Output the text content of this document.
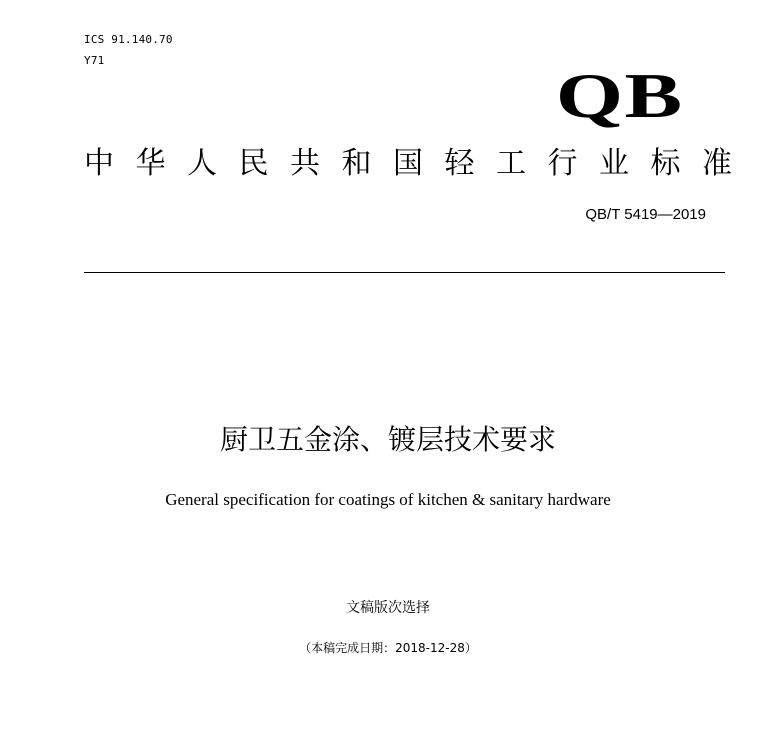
ICS 91.140.70
Y71	QB
中 华 人 民 共 和 国 轻 工 行 业 标 准
QB/T 5419—2019
厨卫五金涂、镀层技术要求
General specification for coatings of kitchen & sanitary hardware
文稿版次选择
（本稿完成日期：2018-12-28）
